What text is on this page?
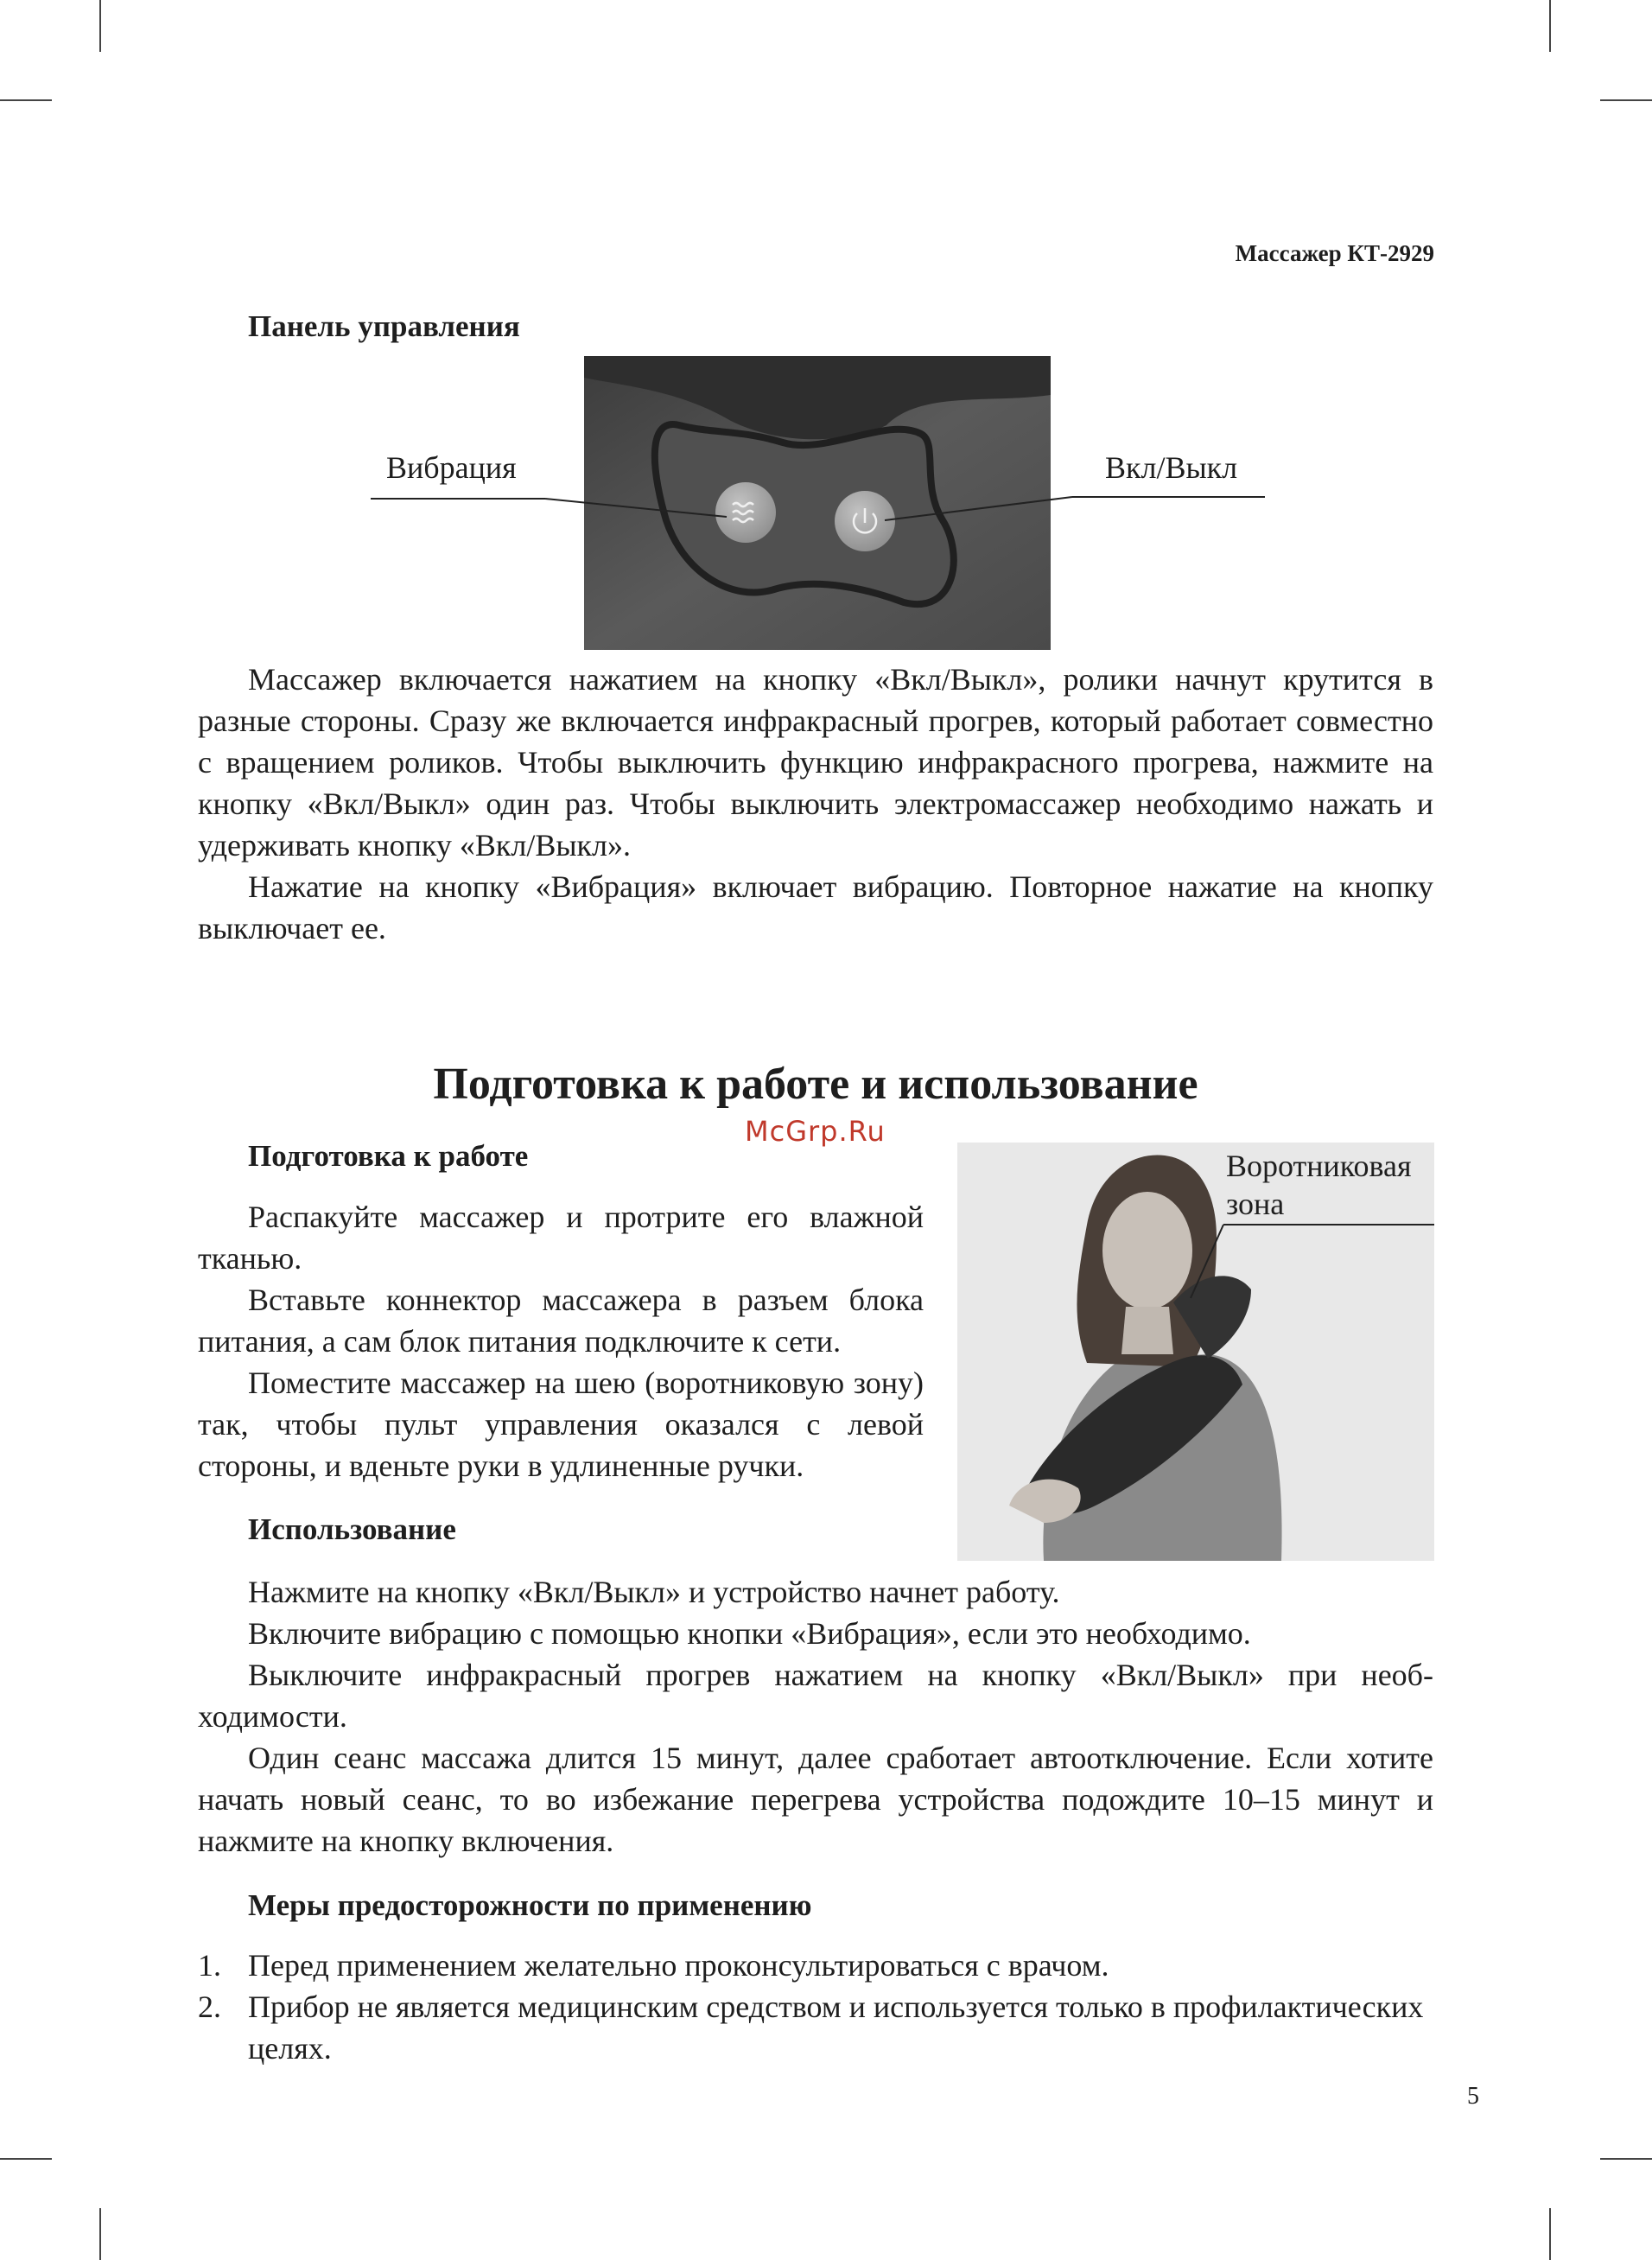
Массажер КТ-2929
Панель управления
Вибрация	Вкл/Выкл

Массажер включается нажатием на кнопку «Вкл/Выкл», ролики начнут крутится в разные стороны. Сразу же включается инфракрасный прогрев, который работает совместно с вращением роликов. Чтобы выключить функцию инфракрасного прогрева, нажмите на кнопку «Вкл/Выкл» один раз. Чтобы выключить электромассажер необходимо нажать и удерживать кнопку «Вкл/Выкл».

Нажатие на кнопку «Вибрация» включает вибрацию. Повторное нажатие на кнопку выключает ее.

Подготовка к работе и использование
McGrp.Ru
Подготовка к работе

Распакуйте массажер и протрите его влажной тканью.

Вставьте коннектор массажера в разъем блока питания, а сам блок питания подключите к сети.

Поместите массажер на шею (воротниковую зону) так, чтобы пульт управления оказался с левой стороны, и вденьте руки в удлиненные ручки.

Воротниковая
зона
Использование

Нажмите на кнопку «Вкл/Выкл» и устройство начнет работу.

Включите вибрацию с помощью кнопки «Вибрация», если это необходимо.

Выключите инфракрасный прогрев нажатием на кнопку «Вкл/Выкл» при необходимости.

Один сеанс массажа длится 15 минут, далее сработает автоотключение. Если хотите начать новый сеанс, то во избежание перегрева устройства подождите 10–15 минут и нажмите на кнопку включения.

Меры предосторожности по применению
1. Перед применением желательно проконсультироваться с врачом.
2. Прибор не является медицинским средством и используется только в профилактических целях.
5
